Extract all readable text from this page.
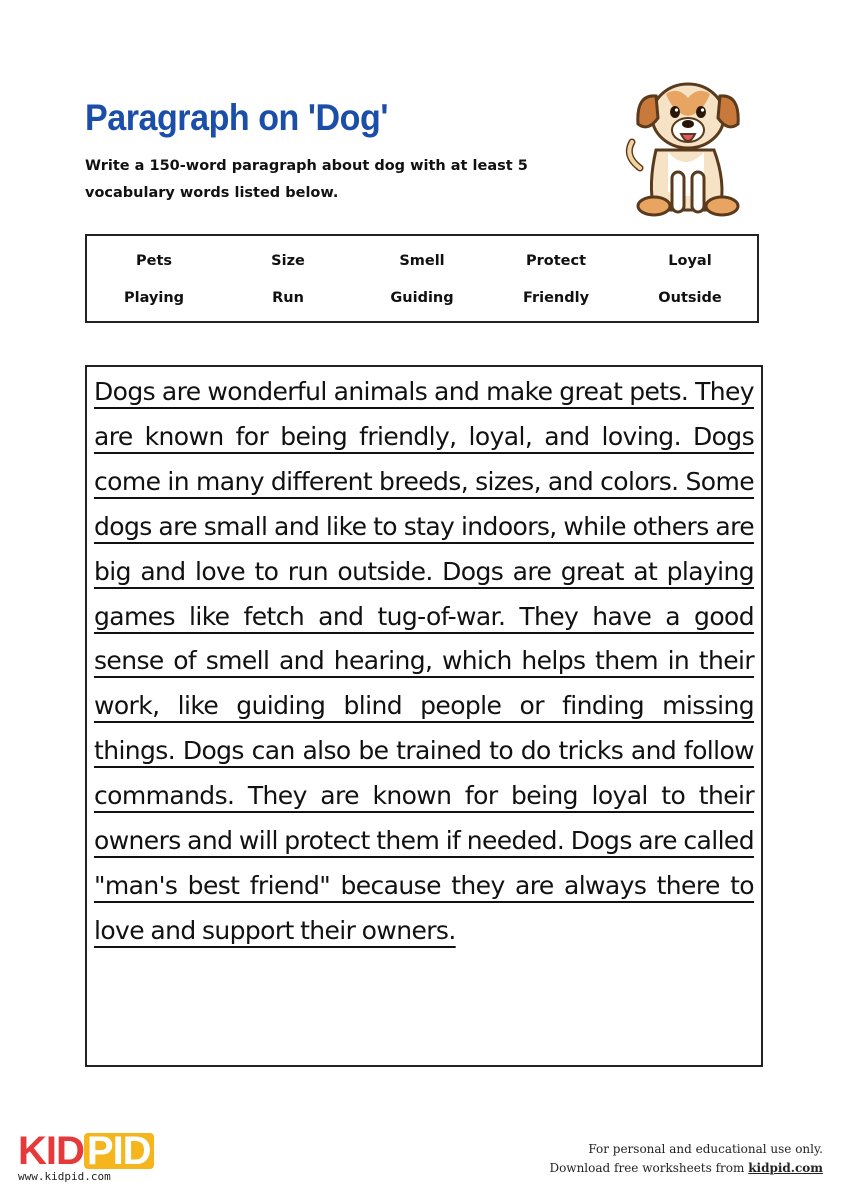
Paragraph on 'Dog'
Write a 150-word paragraph about dog with at least 5 vocabulary words listed below.
Pets	Size	Smell	Protect	Loyal
Playing	Run	Guiding	Friendly	Outside
Dogs are wonderful animals and make great pets. They are known for being friendly, loyal, and loving. Dogs come in many different breeds, sizes, and colors. Some dogs are small and like to stay indoors, while others are big and love to run outside. Dogs are great at playing games like fetch and tug-of-war. They have a good sense of smell and hearing, which helps them in their work, like guiding blind people or finding missing things. Dogs can also be trained to do tricks and follow commands. They are known for being loyal to their owners and will protect them if needed. Dogs are called "man's best friend" because they are always there to love and support their owners.
KIDPID
www.kidpid.com
For personal and educational use only.
Download free worksheets from kidpid.com
